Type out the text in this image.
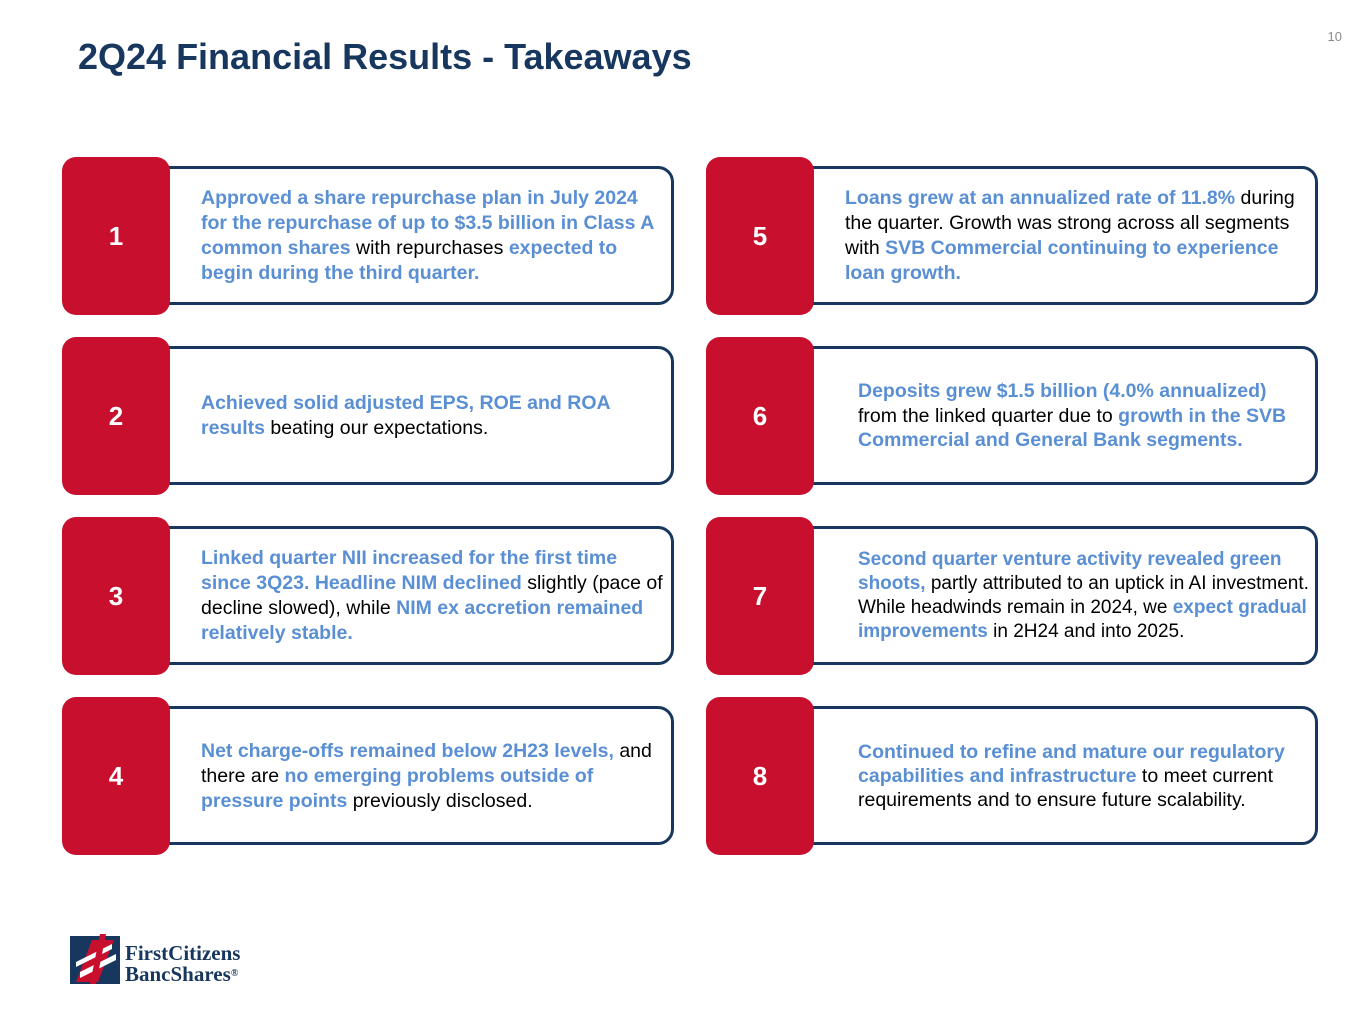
10
2Q24 Financial Results - Takeaways
1

Approved a share repurchase plan in July 2024 for the repurchase of up to $3.5 billion in Class A common shares with repurchases expected to begin during the third quarter.

2	Achieved solid adjusted EPS, ROE and ROA results beating our expectations.

3

Linked quarter NII increased for the first time since 3Q23. Headline NIM declined slightly (pace of decline slowed), while NIM ex accretion remained relatively stable.

4

Net charge-offs remained below 2H23 levels, and there are no emerging problems outside of pressure points previously disclosed.

5

Loans grew at an annualized rate of 11.8% during the quarter. Growth was strong across all segments with SVB Commercial continuing to experience loan growth.

6

Deposits grew $1.5 billion (4.0% annualized) from the linked quarter due to growth in the SVB Commercial and General Bank segments.

7

Second quarter venture activity revealed green shoots, partly attributed to an uptick in AI investment. While headwinds remain in 2024, we expect gradual improvements in 2H24 and into 2025.

8

Continued to refine and mature our regulatory capabilities and infrastructure to meet current requirements and to ensure future scalability.

FirstCitizens
BancShares®
